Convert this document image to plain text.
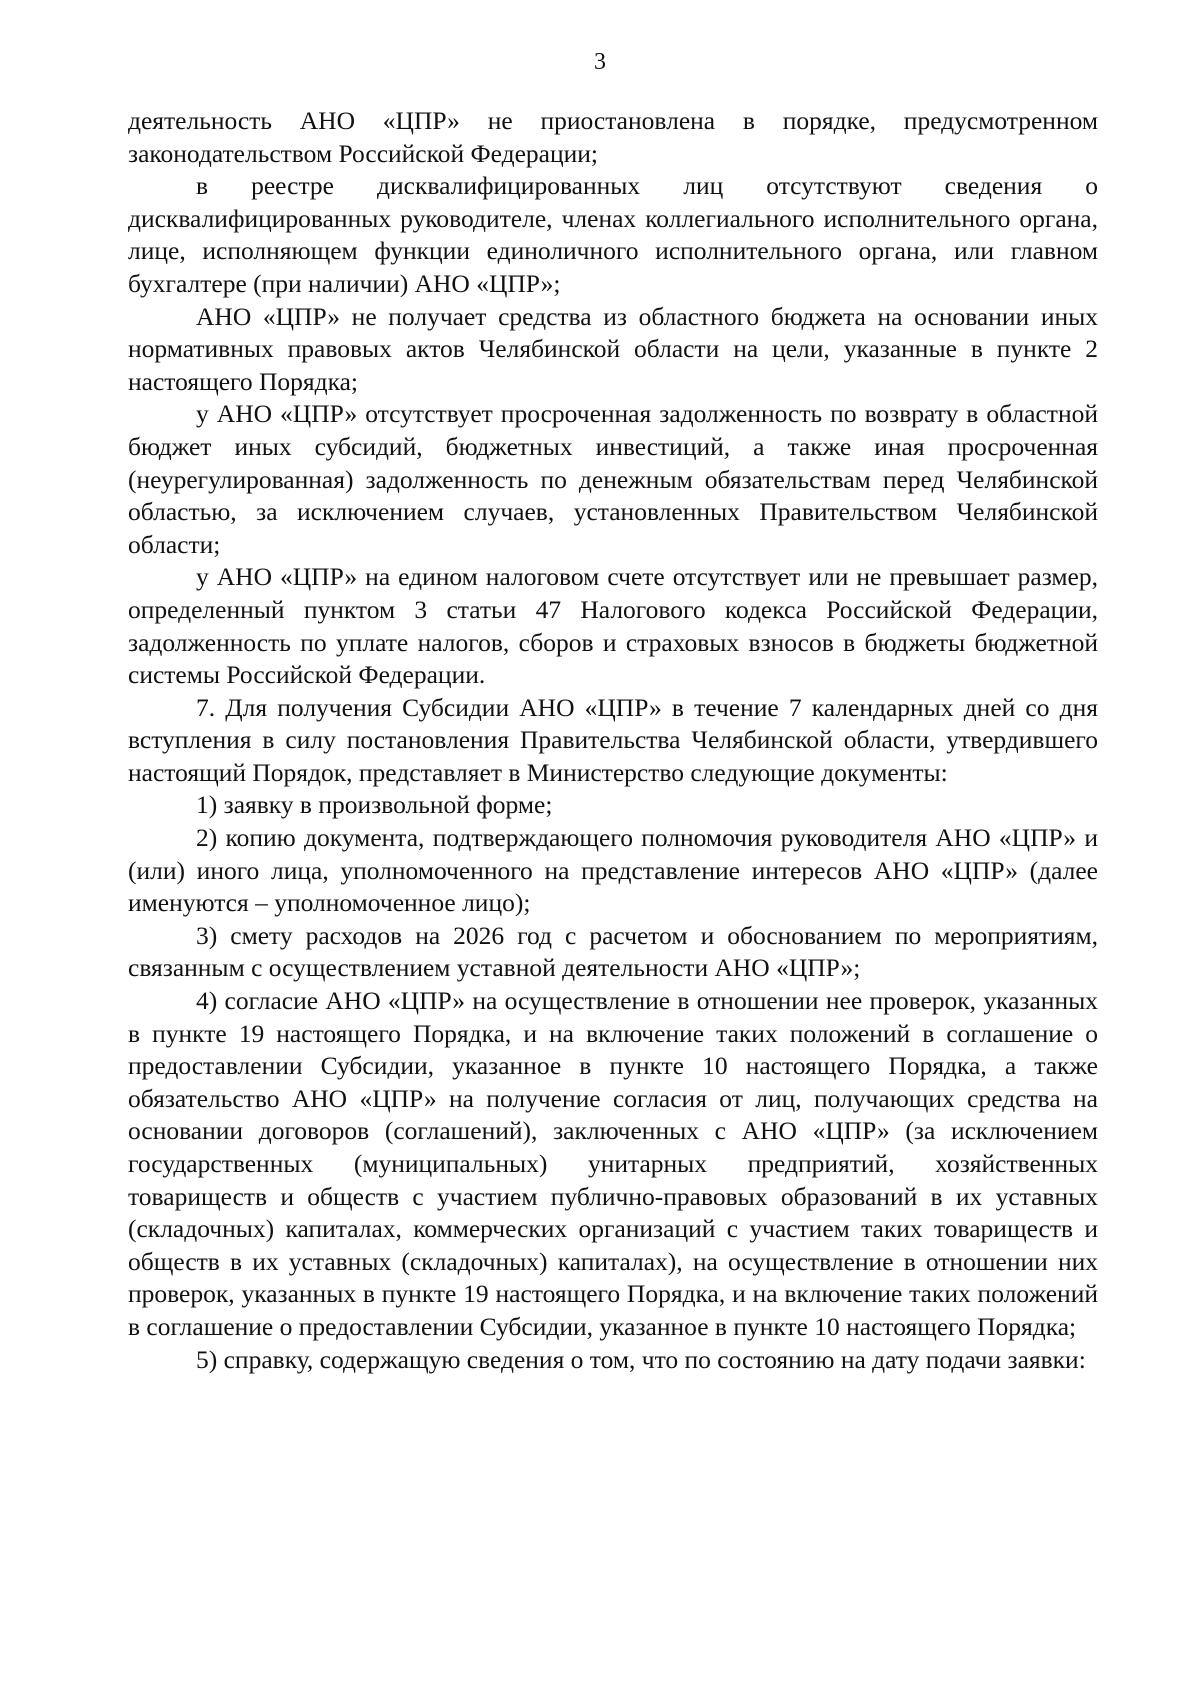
3

деятельность АНО «ЦПР» не приостановлена в порядке, предусмотренном законодательством Российской Федерации;

в реестре дисквалифицированных лиц отсутствуют сведения о дисквалифицированных руководителе, членах коллегиального исполнительного органа, лице, исполняющем функции единоличного исполнительного органа, или главном бухгалтере (при наличии) АНО «ЦПР»;

АНО «ЦПР» не получает средства из областного бюджета на основании иных нормативных правовых актов Челябинской области на цели, указанные в пункте 2 настоящего Порядка;

у АНО «ЦПР» отсутствует просроченная задолженность по возврату в областной бюджет иных субсидий, бюджетных инвестиций, а также иная просроченная (неурегулированная) задолженность по денежным обязательствам перед Челябинской областью, за исключением случаев, установленных Правительством Челябинской области;

у АНО «ЦПР» на едином налоговом счете отсутствует или не превышает размер, определенный пунктом 3 статьи 47 Налогового кодекса Российской Федерации, задолженность по уплате налогов, сборов и страховых взносов в бюджеты бюджетной системы Российской Федерации.

7. Для получения Субсидии АНО «ЦПР» в течение 7 календарных дней со дня вступления в силу постановления Правительства Челябинской области, утвердившего настоящий Порядок, представляет в Министерство следующие документы:

1) заявку в произвольной форме;

2) копию документа, подтверждающего полномочия руководителя АНО «ЦПР» и (или) иного лица, уполномоченного на представление интересов АНО «ЦПР» (далее именуются – уполномоченное лицо);

3) смету расходов на 2026 год с расчетом и обоснованием по мероприятиям, связанным с осуществлением уставной деятельности АНО «ЦПР»;

4) согласие АНО «ЦПР» на осуществление в отношении нее проверок, указанных в пункте 19 настоящего Порядка, и на включение таких положений в соглашение о предоставлении Субсидии, указанное в пункте 10 настоящего Порядка, а также обязательство АНО «ЦПР» на получение согласия от лиц, получающих средства на основании договоров (соглашений), заключенных с АНО «ЦПР» (за исключением государственных (муниципальных) унитарных предприятий, хозяйственных товариществ и обществ с участием публично-правовых образований в их уставных (складочных) капиталах, коммерческих организаций с участием таких товариществ и обществ в их уставных (складочных) капиталах), на осуществление в отношении них проверок, указанных в пункте 19 настоящего Порядка, и на включение таких положений в соглашение о предоставлении Субсидии, указанное в пункте 10 настоящего Порядка;

5) справку, содержащую сведения о том, что по состоянию на дату подачи заявки:
